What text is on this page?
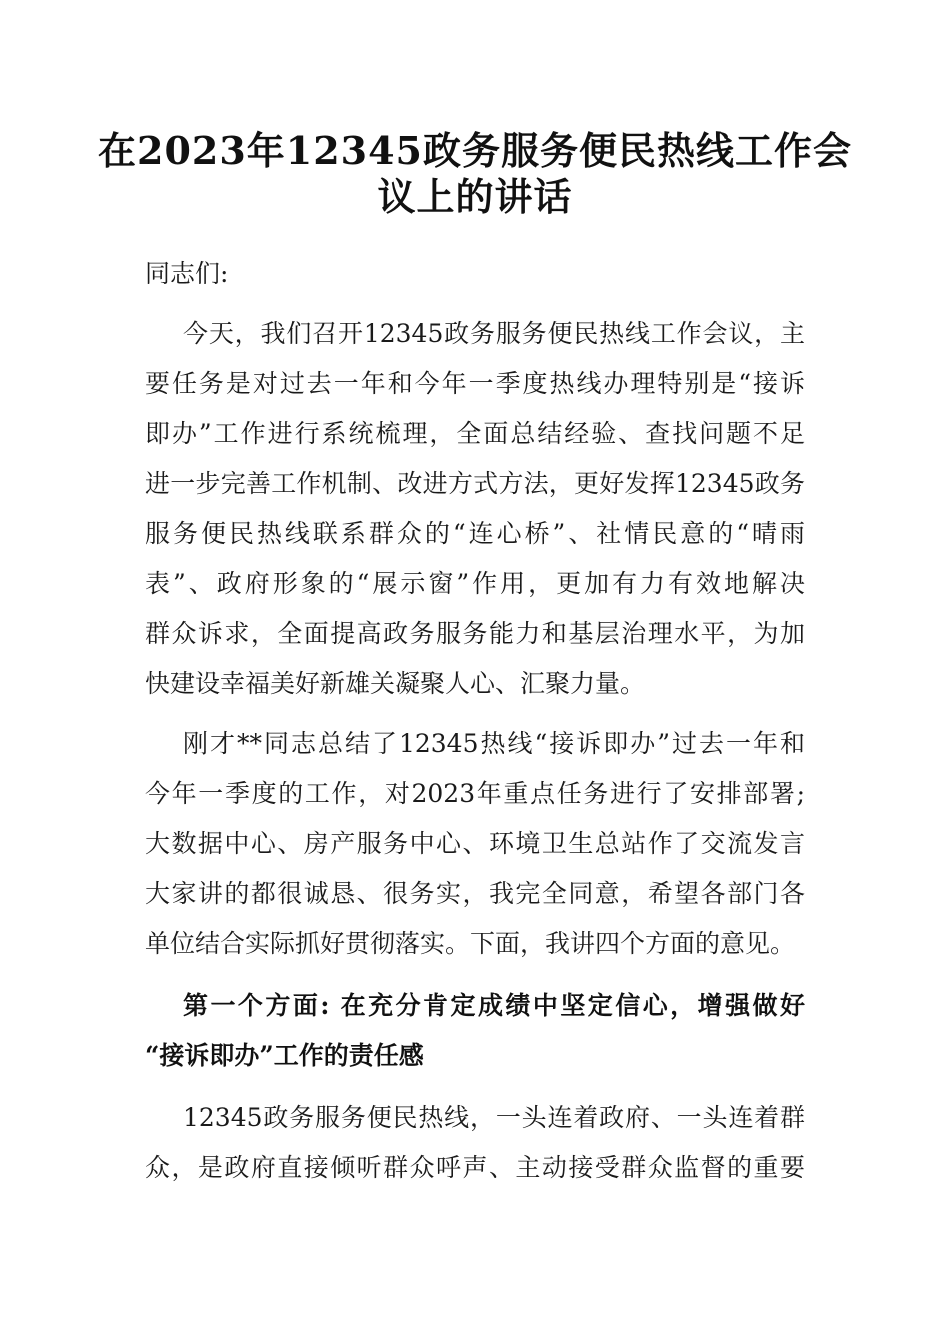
在2023年12345政务服务便民热线工作会
议上的讲话
同志们:
今天，我们召开12345政务服务便民热线工作会议，主
要任务是对过去一年和今年一季度热线办理特别是“接诉
即办”工作进行系统梳理，全面总结经验、查找问题不足
进一步完善工作机制、改进方式方法，更好发挥12345政务
服务便民热线联系群众的“连心桥”、社情民意的“晴雨
表”、政府形象的“展示窗”作用，更加有力有效地解决
群众诉求，全面提高政务服务能力和基层治理水平，为加
快建设幸福美好新雄关凝聚人心、汇聚力量。
刚才**同志总结了12345热线“接诉即办”过去一年和
今年一季度的工作，对2023年重点任务进行了安排部署;
大数据中心、房产服务中心、环境卫生总站作了交流发言
大家讲的都很诚恳、很务实，我完全同意，希望各部门各
单位结合实际抓好贯彻落实。下面，我讲四个方面的意见。
第一个方面: 在充分肯定成绩中坚定信心，增强做好
“接诉即办”工作的责任感
12345政务服务便民热线，一头连着政府、一头连着群
众，是政府直接倾听群众呼声、主动接受群众监督的重要
